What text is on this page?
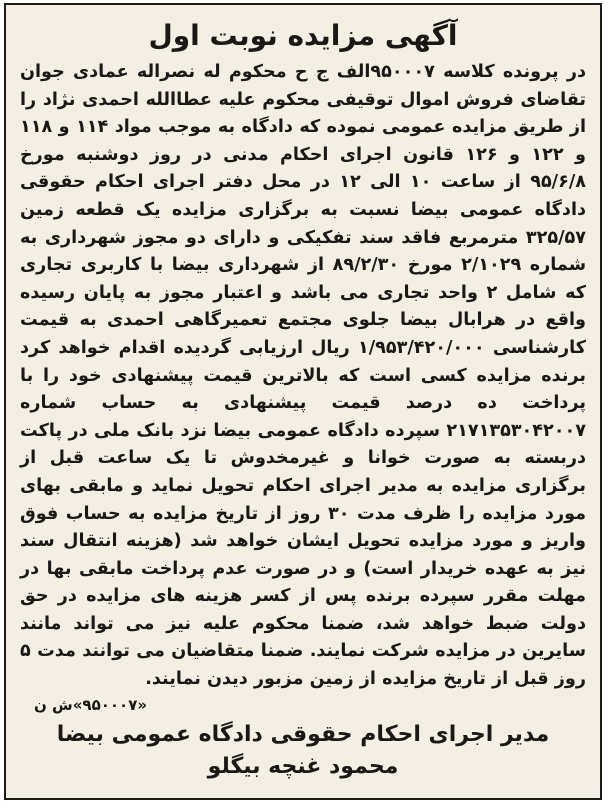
آگهی مزایده نوبت اول

در پرونده کلاسه ۹۵۰۰۰۷الف ج ح محکوم له نصراله عمادی جوان تقاضای فروش اموال توقیفی محکوم علیه عطاالله احمدی نژاد را از طریق مزایده عمومی نموده که دادگاه به موجب مواد ۱۱۴ و ۱۱۸ و ۱۲۲ و ۱۲۶ قانون اجرای احکام مدنی در روز دوشنبه مورخ ۹۵/۶/۸ از ساعت ۱۰ الی ۱۲ در محل دفتر اجرای احکام حقوقی دادگاه عمومی بیضا نسبت به برگزاری مزایده یک قطعه زمین ۳۲۵/۵۷ مترمربع فاقد سند تفکیکی و دارای دو مجوز شهرداری به شماره ۲/۱۰۲۹ مورخ ۸۹/۲/۳۰ از شهرداری بیضا با کاربری تجاری که شامل ۲ واحد تجاری می باشد و اعتبار مجوز به پایان رسیده واقع در هرابال بیضا جلوی مجتمع تعمیرگاهی احمدی به قیمت کارشناسی ۱/۹۵۳/۴۲۰/۰۰۰ ریال ارزیابی گردیده اقدام خواهد کرد برنده مزایده کسی است که بالاترین قیمت پیشنهادی خود را با پرداخت ده درصد قیمت پیشنهادی به حساب شماره ۲۱۷۱۳۵۳۰۴۲۰۰۷ سپرده دادگاه عمومی بیضا نزد بانک ملی در پاکت دربسته به صورت خوانا و غیرمخدوش تا یک ساعت قبل از برگزاری مزایده به مدیر اجرای احکام تحویل نماید و مابقی بهای مورد مزایده را ظرف مدت ۳۰ روز از تاریخ مزایده به حساب فوق واریز و مورد مزایده تحویل ایشان خواهد شد (هزینه انتقال سند نیز به عهده خریدار است) و در صورت عدم پرداخت مابقی بها در مهلت مقرر سپرده برنده پس از کسر هزینه های مزایده در حق دولت ضبط خواهد شد، ضمنا محکوم علیه نیز می تواند مانند سایرین در مزایده شرکت نمایند. ضمنا متقاضیان می توانند مدت ۵ روز قبل از تاریخ مزایده از زمین مزبور دیدن نمایند.

«۹۵۰۰۰۷»ش ن
مدیر اجرای احکام حقوقی دادگاه عمومی بیضا
محمود غنچه بیگلو
